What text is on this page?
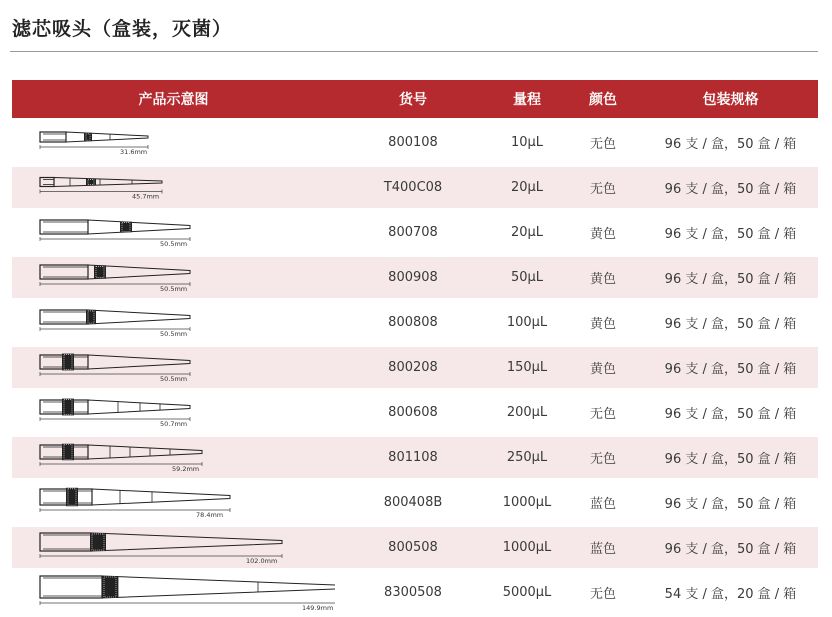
滤芯吸头（盒装，灭菌）
产品示意图	货号	量程	颜色	包装规格

31.6mm	800108	10μL	无色	96 支 / 盒，50 盒 / 箱

45.7mm	T400C08	20μL	无色	96 支 / 盒，50 盒 / 箱

50.5mm	800708	20μL	黄色	96 支 / 盒，50 盒 / 箱

50.5mm	800908	50μL	黄色	96 支 / 盒，50 盒 / 箱

50.5mm	800808	100μL	黄色	96 支 / 盒，50 盒 / 箱

50.5mm	800208	150μL	黄色	96 支 / 盒，50 盒 / 箱

50.7mm	800608	200μL	无色	96 支 / 盒，50 盒 / 箱

59.2mm	801108	250μL	无色	96 支 / 盒，50 盒 / 箱

78.4mm	800408B	1000μL	蓝色	96 支 / 盒，50 盒 / 箱

102.0mm	800508	1000μL	蓝色	96 支 / 盒，50 盒 / 箱

149.9mm	8300508	5000μL	无色	54 支 / 盒，20 盒 / 箱
